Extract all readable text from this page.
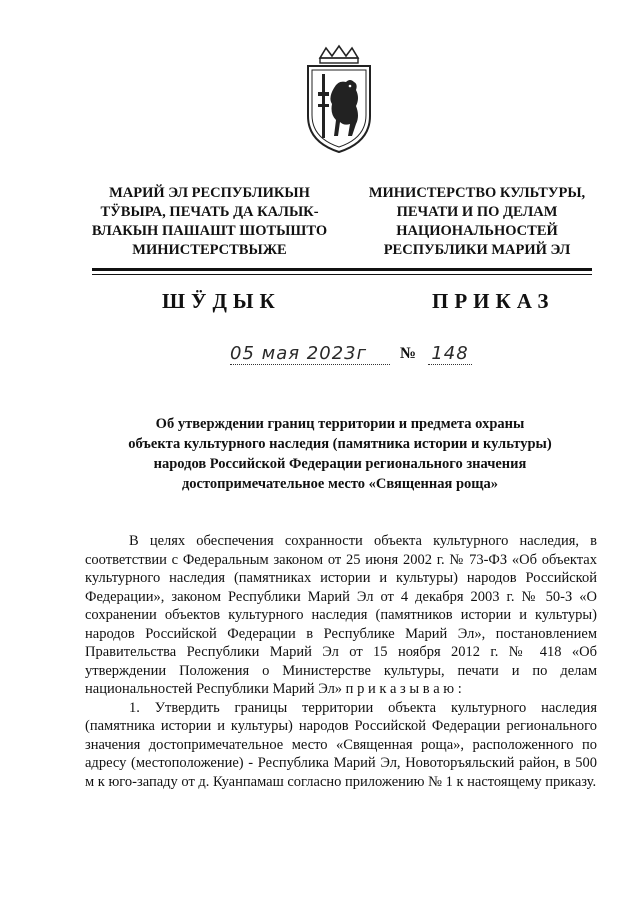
МАРИЙ ЭЛ РЕСПУБЛИКЫН
ТӰВЫРА, ПЕЧАТЬ ДА КАЛЫК-
ВЛАКЫН ПАШАШТ ШОТЫШТО
МИНИСТЕРСТВЫЖЕ
МИНИСТЕРСТВО КУЛЬТУРЫ,
ПЕЧАТИ И ПО ДЕЛАМ
НАЦИОНАЛЬНОСТЕЙ
РЕСПУБЛИКИ МАРИЙ ЭЛ
ШӰДЫК	ПРИКАЗ
05 мая 2023г	№ 148
Об утверждении границ территории и предмета охраны
объекта культурного наследия (памятника истории и культуры)
народов Российской Федерации регионального значения
достопримечательное место «Священная роща»

В целях обеспечения сохранности объекта культурного наследия, в соответствии с Федеральным законом от 25 июня 2002 г. № 73-ФЗ «Об объектах культурного наследия (памятниках истории и культуры) народов Российской Федерации», законом Республики Марий Эл от 4 декабря 2003 г. № 50-З «О сохранении объектов культурного наследия (памятников истории и культуры) народов Российской Федерации в Республике Марий Эл», постановлением Правительства Республики Марий Эл от 15 ноября 2012 г. № 418 «Об утверждении Положения о Министерстве культуры, печати и по делам национальностей Республики Марий Эл» п р и к а з ы в а ю :

1. Утвердить границы территории объекта культурного наследия (памятника истории и культуры) народов Российской Федерации регионального значения достопримечательное место «Священная роща», расположенного по адресу (местоположение) - Республика Марий Эл, Новоторъяльский район, в 500 м к юго-западу от д. Куанпамаш согласно приложению № 1 к настоящему приказу.
